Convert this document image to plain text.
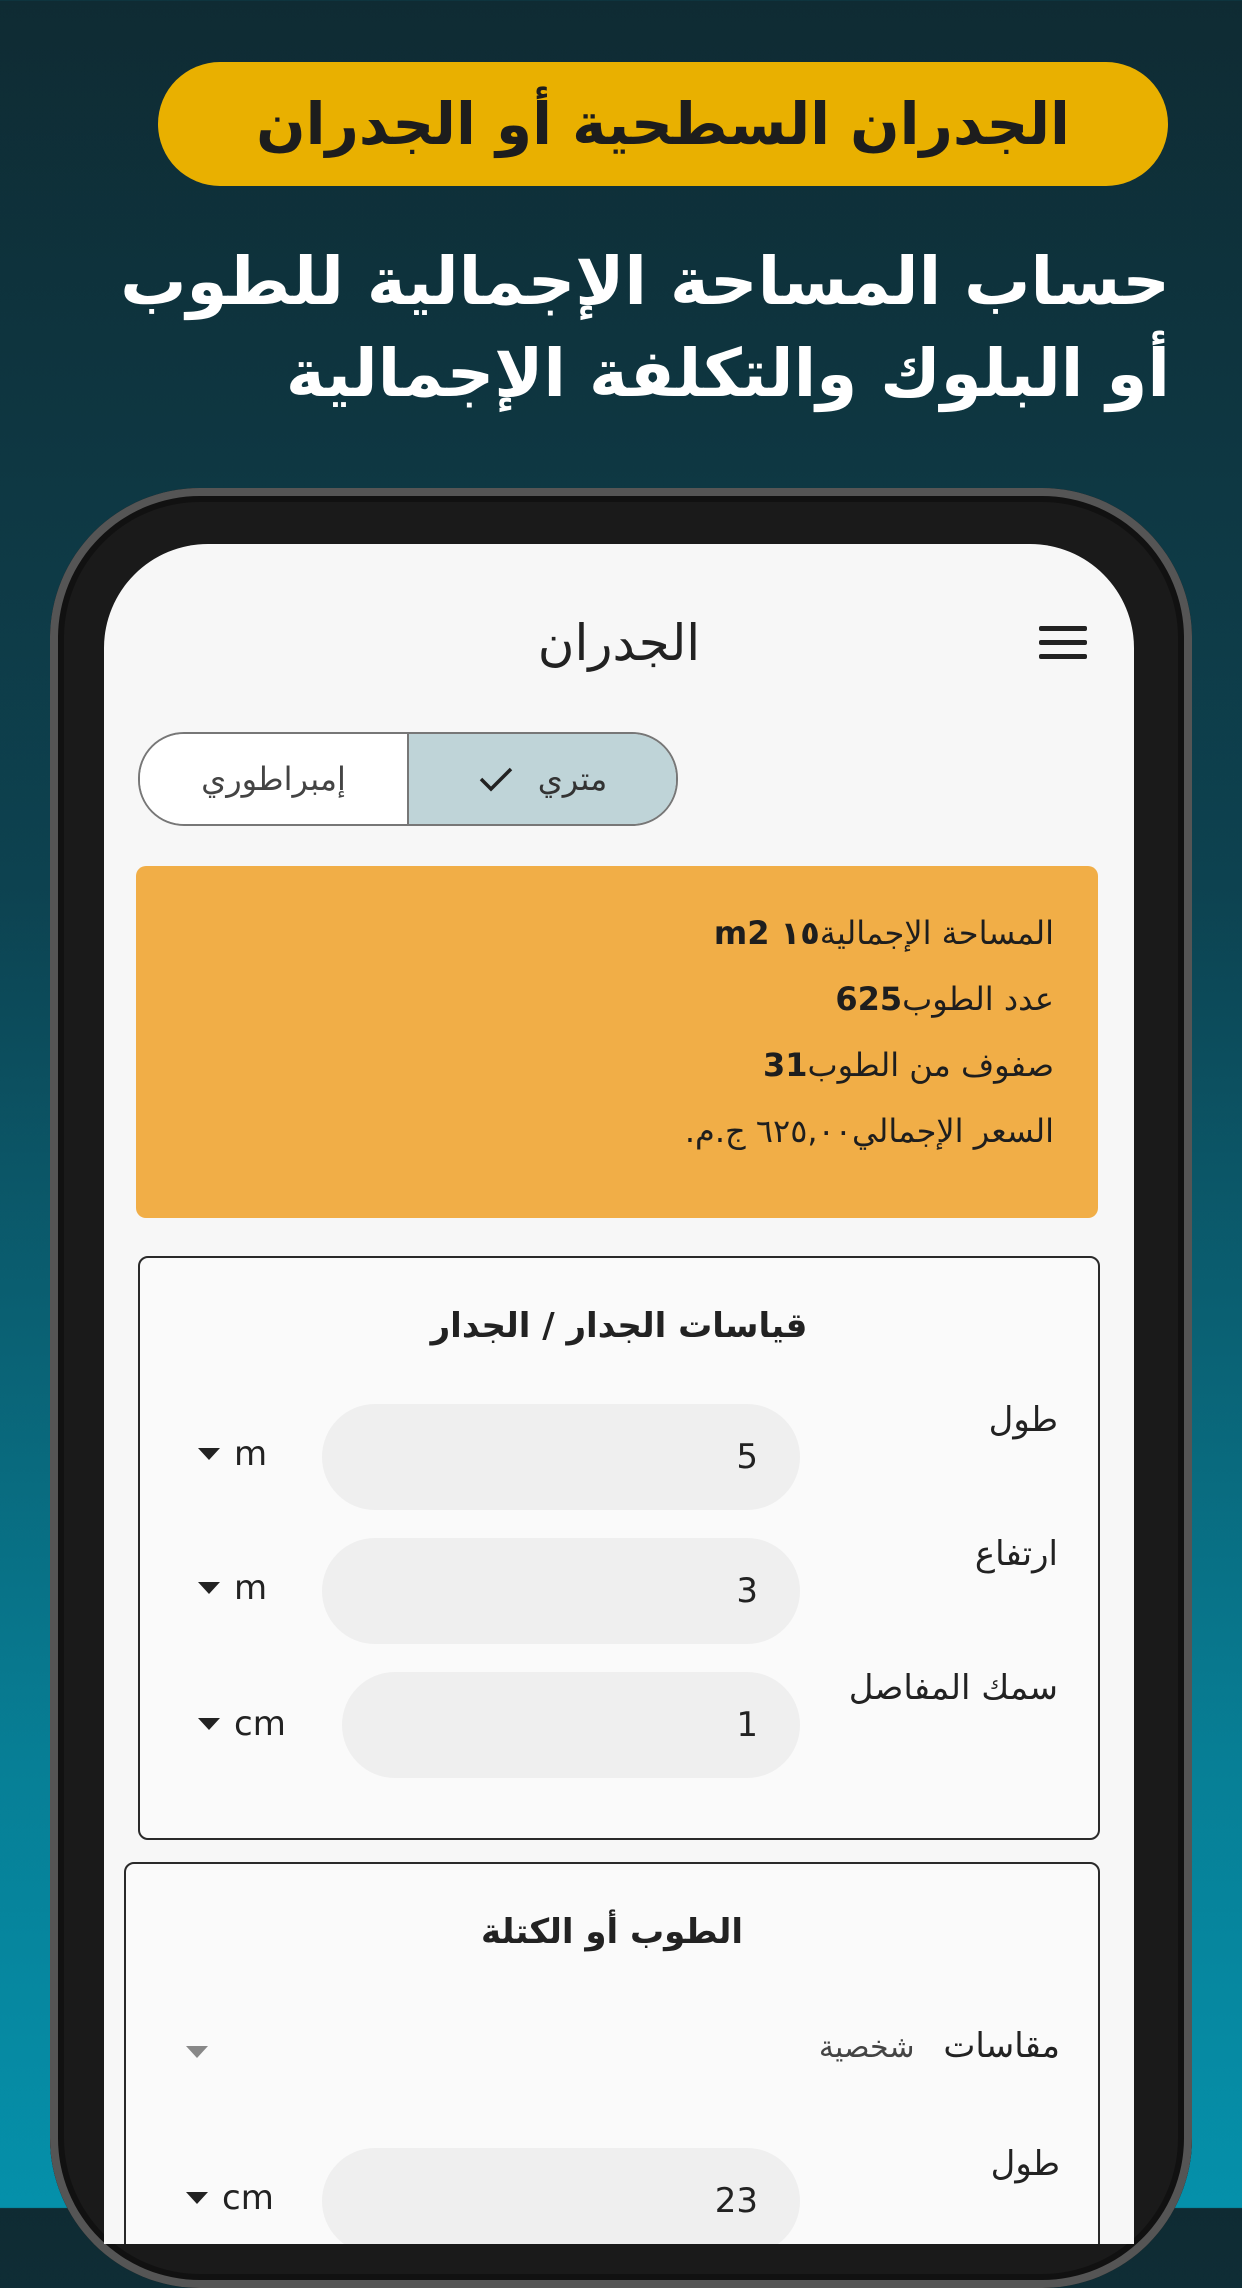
الجدران السطحية أو الجدران
حساب المساحة الإجمالية للطوب
أو البلوك والتكلفة الإجمالية
الجدران
إمبراطوري	متري
المساحة الإجمالية١٥ m2
عدد الطوب625
صفوف من الطوب31
السعر الإجمالي٦٢٥,٠٠ ج.م.
قياسات الجدار / الجدار
طول
5
m
ارتفاع
3
m
سمك المفاصل
1
cm
الطوب أو الكتلة
مقاسات شخصية
طول
23
cm
